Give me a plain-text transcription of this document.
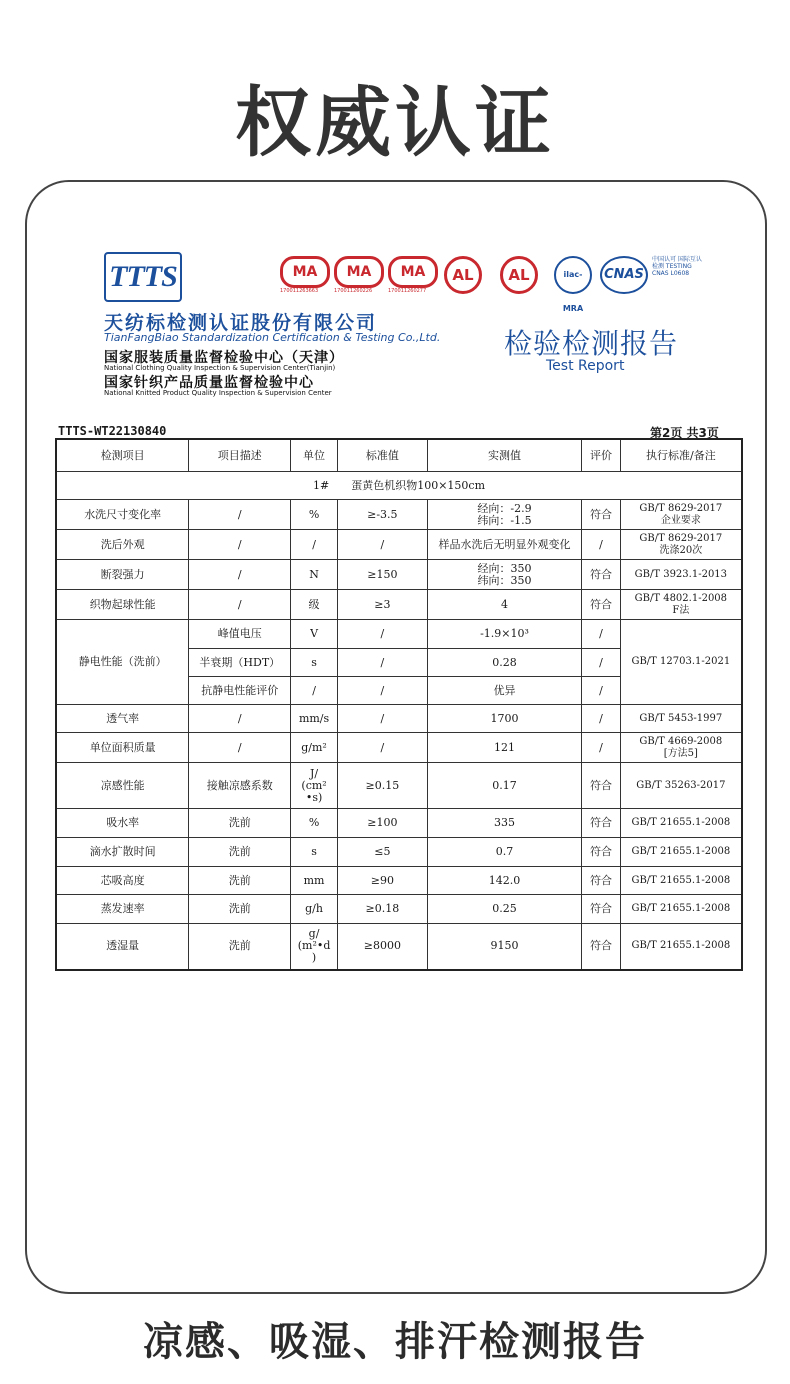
权威认证
TTTS
天纺标检测认证股份有限公司
TianFangBiao Standardization Certification & Testing Co.,Ltd.
国家服装质量监督检验中心（天津）
National Clothing Quality Inspection & Supervision Center(Tianjin)
国家针织产品质量监督检验中心
National Knitted Product Quality Inspection & Supervision Center
MA
170011263663
MA
170011260226
MA
170011260277
AL	AL	ilac-MRA
CNAS
中国认可 国际互认 检测 TESTING CNAS L0608
检验检测报告
Test Report
TTTS-WT22130840	第2页 共3页
检测项目	项目描述	单位	标准值	实测值	评价	执行标准/备注
1#　　蛋黄色机织物100×150cm						
水洗尺寸变化率	/	%	≥-3.5	经向：-2.9
纬向：-1.5	符合	GB/T 8629-2017
企业要求
洗后外观	/	/	/	样品水洗后无明显外观变化	/	GB/T 8629-2017
洗涤20次
断裂强力	/	N	≥150	经向：350
纬向：350	符合	GB/T 3923.1-2013
织物起球性能	/	级	≥3	4	符合	GB/T 4802.1-2008
F法
静电性能（洗前）	峰值电压	V	/	-1.9×10³	/	GB/T 12703.1-2021
	半衰期（HDT）	s	/	0.28	/	
	抗静电性能评价	/	/	优异	/	
透气率	/	mm/s	/	1700	/	GB/T 5453-1997
单位面积质量	/	g/m²	/	121	/	GB/T 4669-2008
[方法5]
凉感性能	接触凉感系数	J/
(cm²
•s)	≥0.15	0.17	符合	GB/T 35263-2017
吸水率	洗前	%	≥100	335	符合	GB/T 21655.1-2008
滴水扩散时间	洗前	s	≤5	0.7	符合	GB/T 21655.1-2008
芯吸高度	洗前	mm	≥90	142.0	符合	GB/T 21655.1-2008
蒸发速率	洗前	g/h	≥0.18	0.25	符合	GB/T 21655.1-2008
透湿量	洗前	g/
(m²•d
)	≥8000	9150	符合	GB/T 21655.1-2008
凉感、吸湿、排汗检测报告
